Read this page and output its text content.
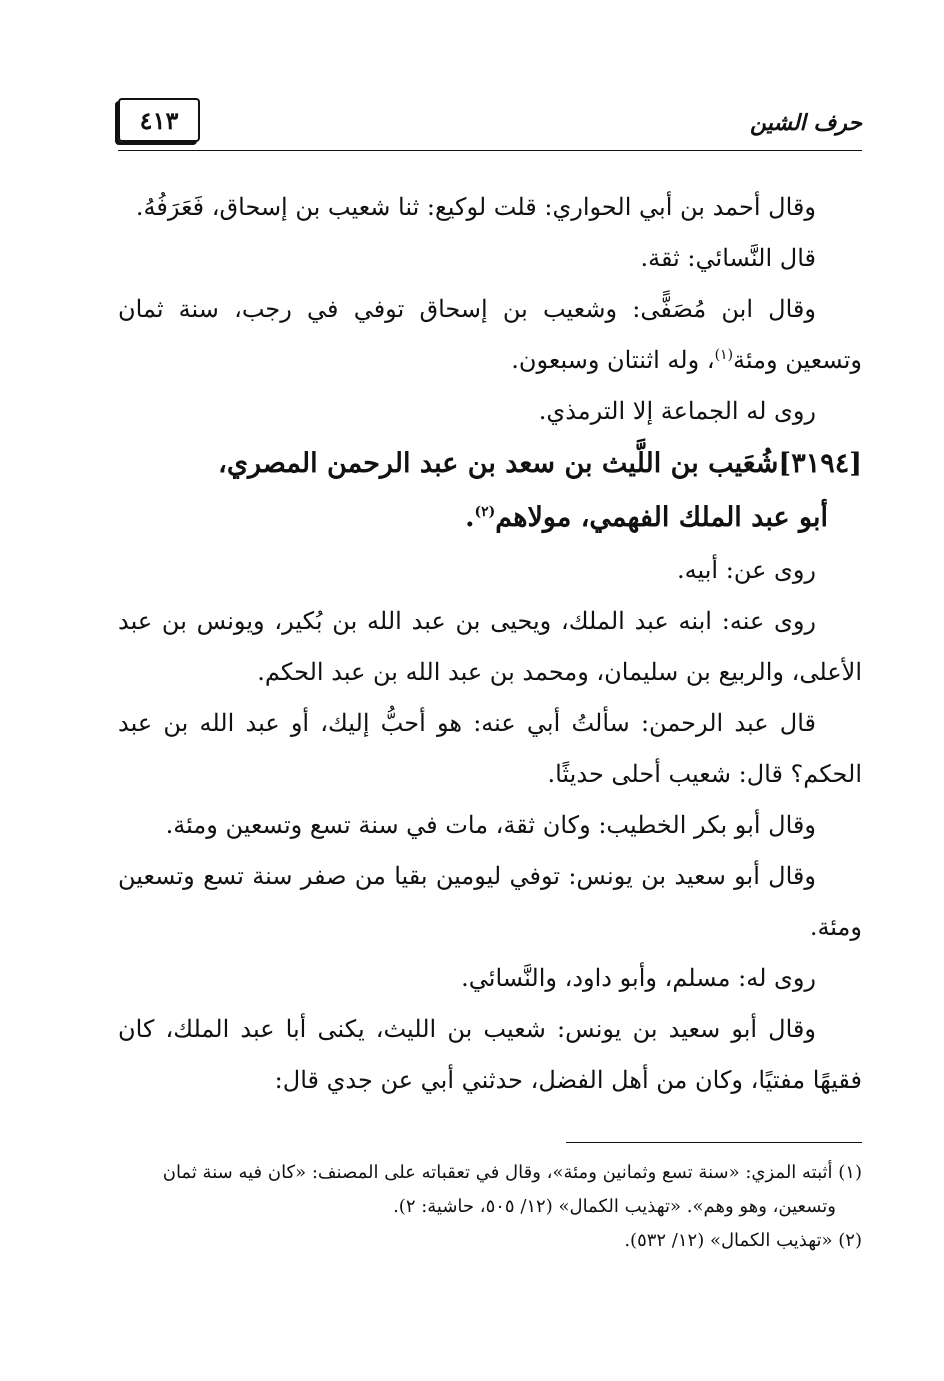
٤١٣	حرف الشين

وقال أحمد بن أبي الحواري: قلت لوكيع: ثنا شعيب بن إسحاق، فَعَرَفُهُ.

قال النَّسائي: ثقة.

وقال ابن مُصَفًّى: وشعيب بن إسحاق توفي في رجب، سنة ثمان وتسعين ومئة$^{(١)}$، وله اثنتان وسبعون.

روى له الجماعة إلا الترمذي.

[٣١٩٤]شُعَيب بن اللَّيث بن سعد بن عبد الرحمن المصري،

أبو عبد الملك الفهمي، مولاهم$^{(٢)}$.

روى عن: أبيه.

روى عنه: ابنه عبد الملك، ويحيى بن عبد الله بن بُكير، ويونس بن عبد الأعلى، والربيع بن سليمان، ومحمد بن عبد الله بن عبد الحكم.

قال عبد الرحمن: سألتُ أبي عنه: هو أحبُّ إليك، أو عبد الله بن عبد الحكم؟ قال: شعيب أحلى حديثًا.

وقال أبو بكر الخطيب: وكان ثقة، مات في سنة تسع وتسعين ومئة.

وقال أبو سعيد بن يونس: توفي ليومين بقيا من صفر سنة تسع وتسعين ومئة.

روى له: مسلم، وأبو داود، والنَّسائي.

وقال أبو سعيد بن يونس: شعيب بن الليث، يكنى أبا عبد الملك، كان فقيهًا مفتيًا، وكان من أهل الفضل، حدثني أبي عن جدي قال:

(١) أثبته المزي: «سنة تسع وثمانين ومئة»، وقال في تعقباته على المصنف: «كان فيه سنة ثمان

وتسعين، وهو وهم». «تهذيب الكمال» (١٢/ ٥٠٥، حاشية: ٢).

(٢) «تهذيب الكمال» (١٢/ ٥٣٢).
